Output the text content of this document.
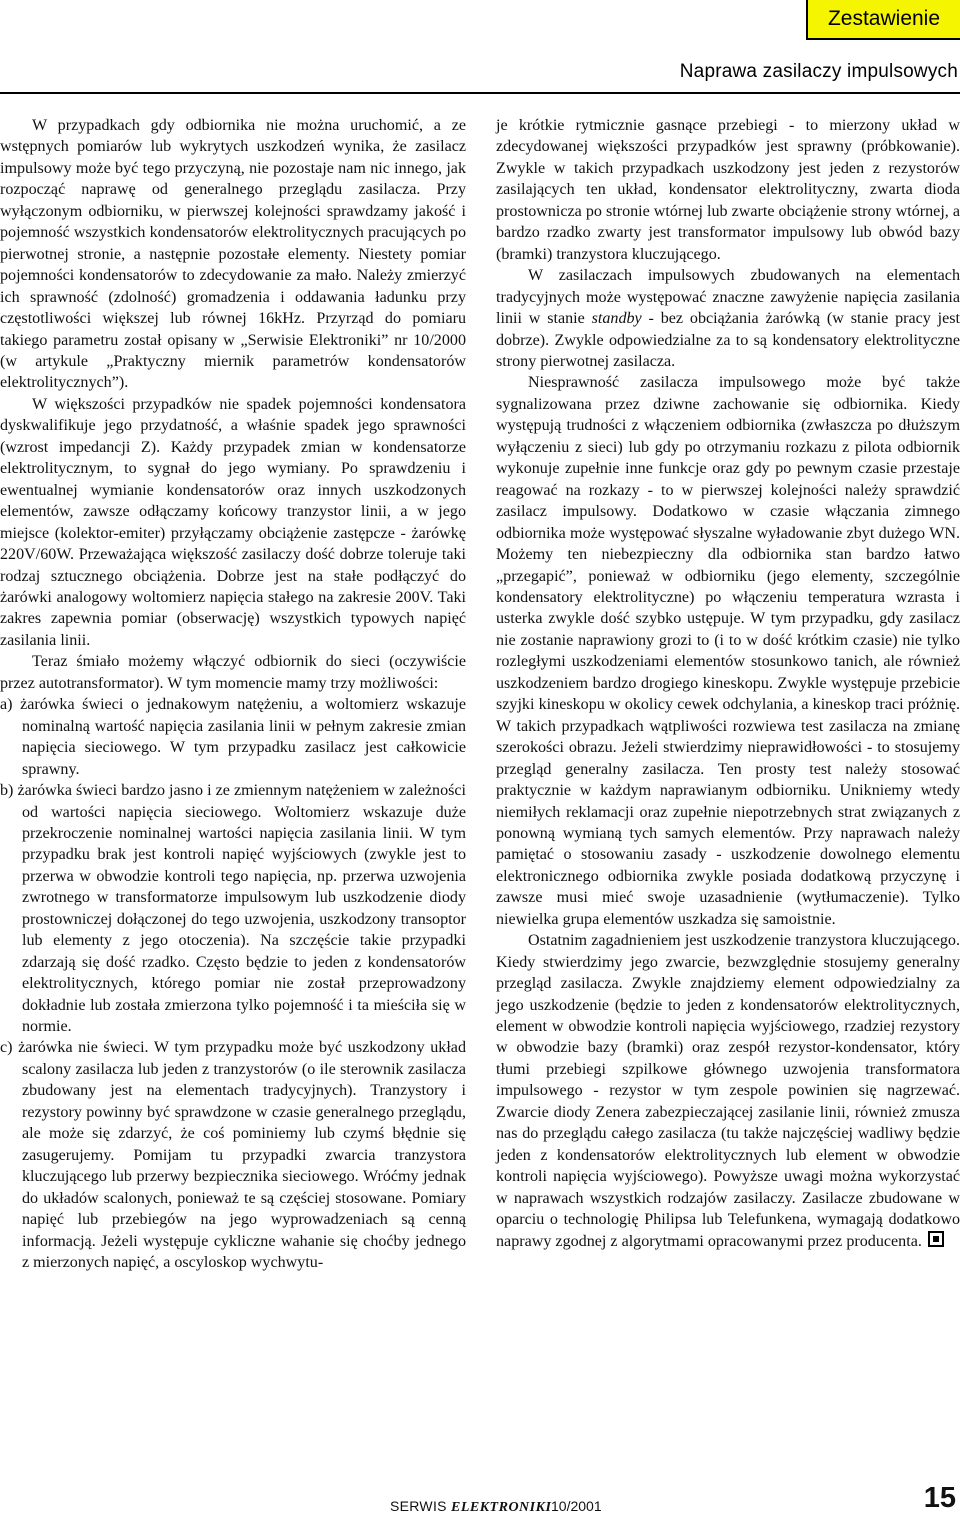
Zestawienie
Naprawa zasilaczy impulsowych

W przypadkach gdy odbiornika nie można uruchomić, a ze wstępnych pomiarów lub wykrytych uszkodzeń wynika, że zasilacz impulsowy może być tego przyczyną, nie pozostaje nam nic innego, jak rozpocząć naprawę od generalnego przeglądu zasilacza. Przy wyłączonym odbiorniku, w pierwszej kolejności sprawdzamy jakość i pojemność wszystkich kondensatorów elektrolitycznych pracujących po pierwotnej stronie, a następnie pozostałe elementy. Niestety pomiar pojemności kondensatorów to zdecydowanie za mało. Należy zmierzyć ich sprawność (zdolność) gromadzenia i oddawania ładunku przy częstotliwości większej lub równej 16kHz. Przyrząd do pomiaru takiego parametru został opisany w „Serwisie Elektroniki” nr 10/2000 (w artykule „Praktyczny miernik parametrów kondensatorów elektrolitycznych”).

W większości przypadków nie spadek pojemności kondensatora dyskwalifikuje jego przydatność, a właśnie spadek jego sprawności (wzrost impedancji Z). Każdy przypadek zmian w kondensatorze elektrolitycznym, to sygnał do jego wymiany. Po sprawdzeniu i ewentualnej wymianie kondensatorów oraz innych uszkodzonych elementów, zawsze odłączamy końcowy tranzystor linii, a w jego miejsce (kolektor-emiter) przyłączamy obciążenie zastępcze - żarówkę 220V/60W. Przeważająca większość zasilaczy dość dobrze toleruje taki rodzaj sztucznego obciążenia. Dobrze jest na stałe podłączyć do żarówki analogowy woltomierz napięcia stałego na zakresie 200V. Taki zakres zapewnia pomiar (obserwację) wszystkich typowych napięć zasilania linii.

Teraz śmiało możemy włączyć odbiornik do sieci (oczywiście przez autotransformator). W tym momencie mamy trzy możliwości:

a) żarówka świeci o jednakowym natężeniu, a woltomierz wskazuje nominalną wartość napięcia zasilania linii w pełnym zakresie zmian napięcia sieciowego. W tym przypadku zasilacz jest całkowicie sprawny.

b) żarówka świeci bardzo jasno i ze zmiennym natężeniem w zależności od wartości napięcia sieciowego. Woltomierz wskazuje duże przekroczenie nominalnej wartości napięcia zasilania linii. W tym przypadku brak jest kontroli napięć wyjściowych (zwykle jest to przerwa w obwodzie kontroli tego napięcia, np. przerwa uzwojenia zwrotnego w transformatorze impulsowym lub uszkodzenie diody prostowniczej dołączonej do tego uzwojenia, uszkodzony transoptor lub elementy z jego otoczenia). Na szczęście takie przypadki zdarzają się dość rzadko. Często będzie to jeden z kondensatorów elektrolitycznych, którego pomiar nie został przeprowadzony dokładnie lub została zmierzona tylko pojemność i ta mieściła się w normie.

c) żarówka nie świeci. W tym przypadku może być uszkodzony układ scalony zasilacza lub jeden z tranzystorów (o ile sterownik zasilacza zbudowany jest na elementach tradycyjnych). Tranzystory i rezystory powinny być sprawdzone w czasie generalnego przeglądu, ale może się zdarzyć, że coś pominiemy lub czymś błędnie się zasugerujemy. Pomijam tu przypadki zwarcia tranzystora kluczującego lub przerwy bezpiecznika sieciowego. Wróćmy jednak do układów scalonych, ponieważ te są częściej stosowane. Pomiary napięć lub przebiegów na jego wyprowadzeniach są cenną informacją. Jeżeli występuje cykliczne wahanie się choćby jednego z mierzonych napięć, a oscyloskop wychwytu-

je krótkie rytmicznie gasnące przebiegi - to mierzony układ w zdecydowanej większości przypadków jest sprawny (próbkowanie). Zwykle w takich przypadkach uszkodzony jest jeden z rezystorów zasilających ten układ, kondensator elektrolityczny, zwarta dioda prostownicza po stronie wtórnej lub zwarte obciążenie strony wtórnej, a bardzo rzadko zwarty jest transformator impulsowy lub obwód bazy (bramki) tranzystora kluczującego.

W zasilaczach impulsowych zbudowanych na elementach tradycyjnych może występować znaczne zawyżenie napięcia zasilania linii w stanie standby - bez obciążania żarówką (w stanie pracy jest dobrze). Zwykle odpowiedzialne za to są kondensatory elektrolityczne strony pierwotnej zasilacza.

Niesprawność zasilacza impulsowego może być także sygnalizowana przez dziwne zachowanie się odbiornika. Kiedy występują trudności z włączeniem odbiornika (zwłaszcza po dłuższym wyłączeniu z sieci) lub gdy po otrzymaniu rozkazu z pilota odbiornik wykonuje zupełnie inne funkcje oraz gdy po pewnym czasie przestaje reagować na rozkazy - to w pierwszej kolejności należy sprawdzić zasilacz impulsowy. Dodatkowo w czasie włączania zimnego odbiornika może występować słyszalne wyładowanie zbyt dużego WN. Możemy ten niebezpieczny dla odbiornika stan bardzo łatwo „przegapić”, ponieważ w odbiorniku (jego elementy, szczególnie kondensatory elektrolityczne) po włączeniu temperatura wzrasta i usterka zwykle dość szybko ustępuje. W tym przypadku, gdy zasilacz nie zostanie naprawiony grozi to (i to w dość krótkim czasie) nie tylko rozległymi uszkodzeniami elementów stosunkowo tanich, ale również uszkodzeniem bardzo drogiego kineskopu. Zwykle występuje przebicie szyjki kineskopu w okolicy cewek odchylania, a kineskop traci próżnię. W takich przypadkach wątpliwości rozwiewa test zasilacza na zmianę szerokości obrazu. Jeżeli stwierdzimy nieprawidłowości - to stosujemy przegląd generalny zasilacza. Ten prosty test należy stosować praktycznie w każdym naprawianym odbiorniku. Unikniemy wtedy niemiłych reklamacji oraz zupełnie niepotrzebnych strat związanych z ponowną wymianą tych samych elementów. Przy naprawach należy pamiętać o stosowaniu zasady - uszkodzenie dowolnego elementu elektronicznego odbiornika zwykle posiada dodatkową przyczynę i zawsze musi mieć swoje uzasadnienie (wytłumaczenie). Tylko niewielka grupa elementów uszkadza się samoistnie.

Ostatnim zagadnieniem jest uszkodzenie tranzystora kluczującego. Kiedy stwierdzimy jego zwarcie, bezwzględnie stosujemy generalny przegląd zasilacza. Zwykle znajdziemy element odpowiedzialny za jego uszkodzenie (będzie to jeden z kondensatorów elektrolitycznych, element w obwodzie kontroli napięcia wyjściowego, rzadziej rezystory w obwodzie bazy (bramki) oraz zespół rezystor-kondensator, który tłumi przebiegi szpilkowe głównego uzwojenia transformatora impulsowego - rezystor w tym zespole powinien się nagrzewać. Zwarcie diody Zenera zabezpieczającej zasilanie linii, również zmusza nas do przeglądu całego zasilacza (tu także najczęściej wadliwy będzie jeden z kondensatorów elektrolitycznych lub element w obwodzie kontroli napięcia wyjściowego). Powyższe uwagi można wykorzystać w naprawach wszystkich rodzajów zasilaczy. Zasilacze zbudowane w oparciu o technologię Philipsa lub Telefunkena, wymagają dodatkowo naprawy zgodnej z algorytmami opracowanymi przez producenta.

SERWIS ELEKTRONIKI 10/2001	15
